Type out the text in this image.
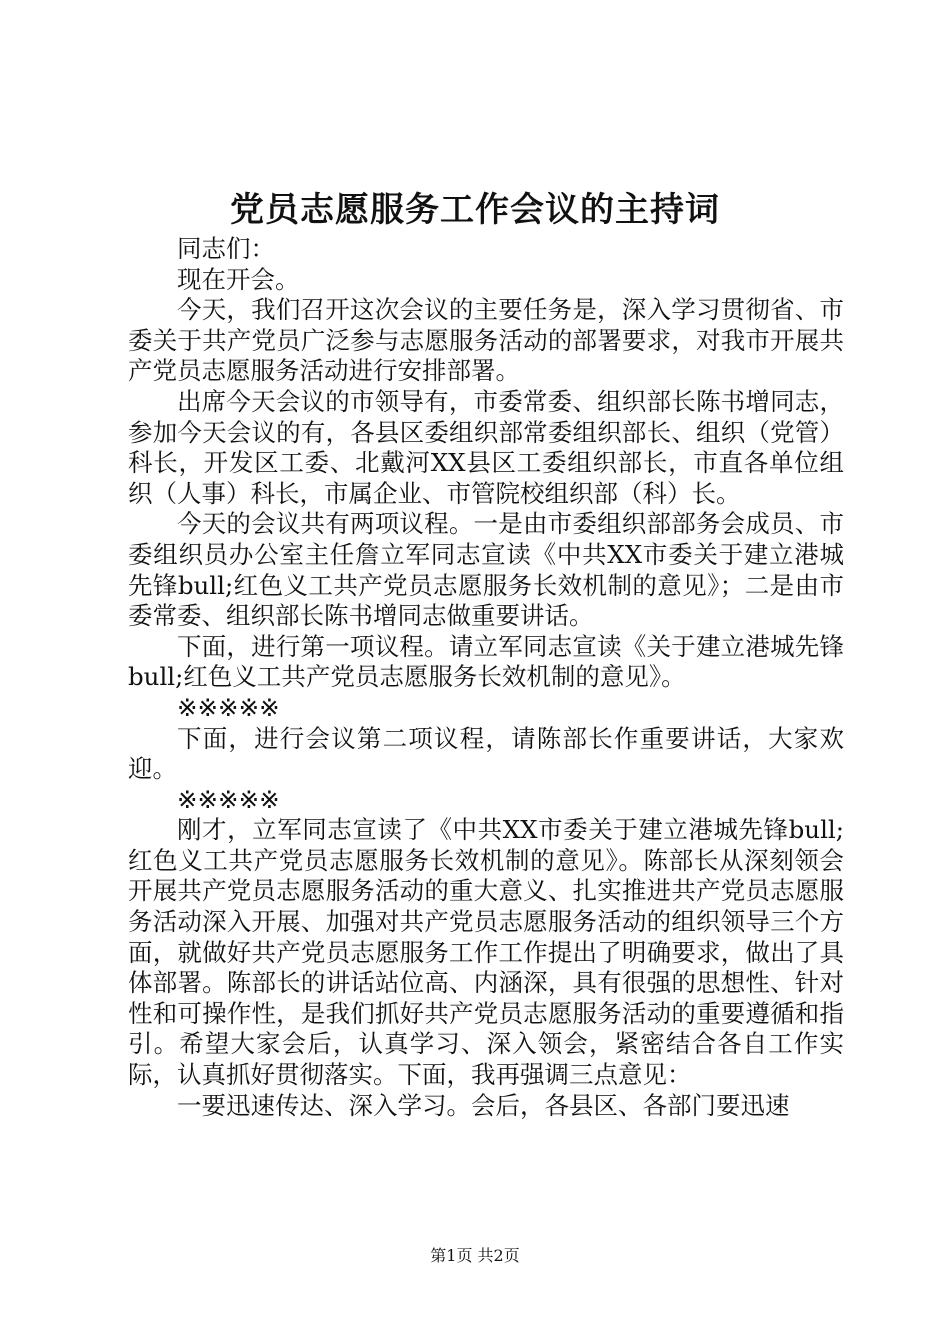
党员志愿服务工作会议的主持词

同志们：

现在开会。

今天，我们召开这次会议的主要任务是，深入学习贯彻省、市委关于共产党员广泛参与志愿服务活动的部署要求，对我市开展共产党员志愿服务活动进行安排部署。

出席今天会议的市领导有，市委常委、组织部长陈书增同志，参加今天会议的有，各县区委组织部常委组织部长、组织（党管）科长，开发区工委、北戴河XX县区工委组织部长，市直各单位组织（人事）科长，市属企业、市管院校组织部（科）长。

今天的会议共有两项议程。一是由市委组织部部务会成员、市委组织员办公室主任詹立军同志宣读《中共XX市委关于建立港城先锋bull;红色义工共产党员志愿服务长效机制的意见》；二是由市委常委、组织部长陈书增同志做重要讲话。

下面，进行第一项议程。请立军同志宣读《关于建立港城先锋bull;红色义工共产党员志愿服务长效机制的意见》。

※※※※※

下面，进行会议第二项议程，请陈部长作重要讲话，大家欢迎。

※※※※※

刚才，立军同志宣读了《中共XX市委关于建立港城先锋bull;红色义工共产党员志愿服务长效机制的意见》。陈部长从深刻领会开展共产党员志愿服务活动的重大意义、扎实推进共产党员志愿服务活动深入开展、加强对共产党员志愿服务活动的组织领导三个方面，就做好共产党员志愿服务工作工作提出了明确要求，做出了具体部署。陈部长的讲话站位高、内涵深，具有很强的思想性、针对性和可操作性，是我们抓好共产党员志愿服务活动的重要遵循和指引。希望大家会后，认真学习、深入领会，紧密结合各自工作实际，认真抓好贯彻落实。下面，我再强调三点意见：

一要迅速传达、深入学习。会后，各县区、各部门要迅速

第1页 共2页
